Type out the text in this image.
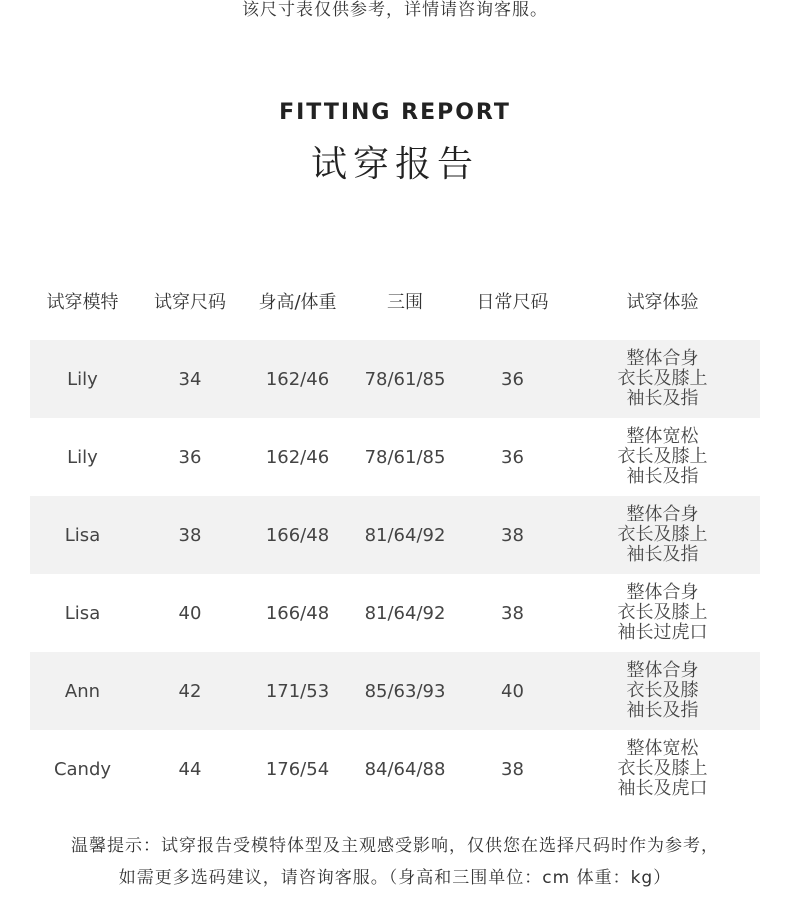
该尺寸表仅供参考，详情请咨询客服。
FITTING REPORT
试穿报告
试穿模特	试穿尺码	身高/体重	三围	日常尺码	试穿体验
Lily	34	162/46	78/61/85	36	整体合身
衣长及膝上
袖长及指

Lily	36	162/46	78/61/85	36	整体宽松
衣长及膝上
袖长及指

Lisa	38	166/48	81/64/92	38	整体合身
衣长及膝上
袖长及指

Lisa	40	166/48	81/64/92	38	整体合身
衣长及膝上
袖长过虎口

Ann	42	171/53	85/63/93	40	整体合身
衣长及膝
袖长及指

Candy	44	176/54	84/64/88	38	整体宽松
衣长及膝上
袖长及虎口
温馨提示：试穿报告受模特体型及主观感受影响，仅供您在选择尺码时作为参考，
如需更多选码建议，请咨询客服。（身高和三围单位：cm 体重：kg）
